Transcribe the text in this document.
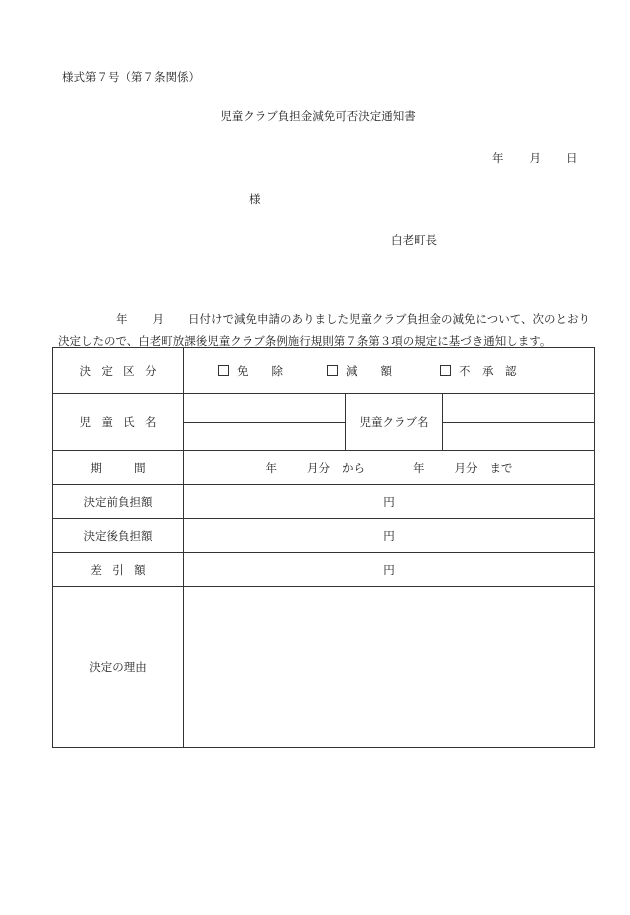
様式第７号（第７条関係）
児童クラブ負担金減免可否決定通知書
年 月 日
様
白老町長
年 月 日付けで減免申請のありました児童クラブ負担金の減免について、次のとおり決定したので、白老町放課後児童クラブ条例施行規則第７条第３項の規定に基づき通知します。
決定区分	免　　除 減　　額 不　承　認		
児童氏名		児童クラブ名	

期間	年 月分 から 年 月分 まで		
決定前負担額	円		
決定後負担額	円		
差引額	円		
決定の理由			
